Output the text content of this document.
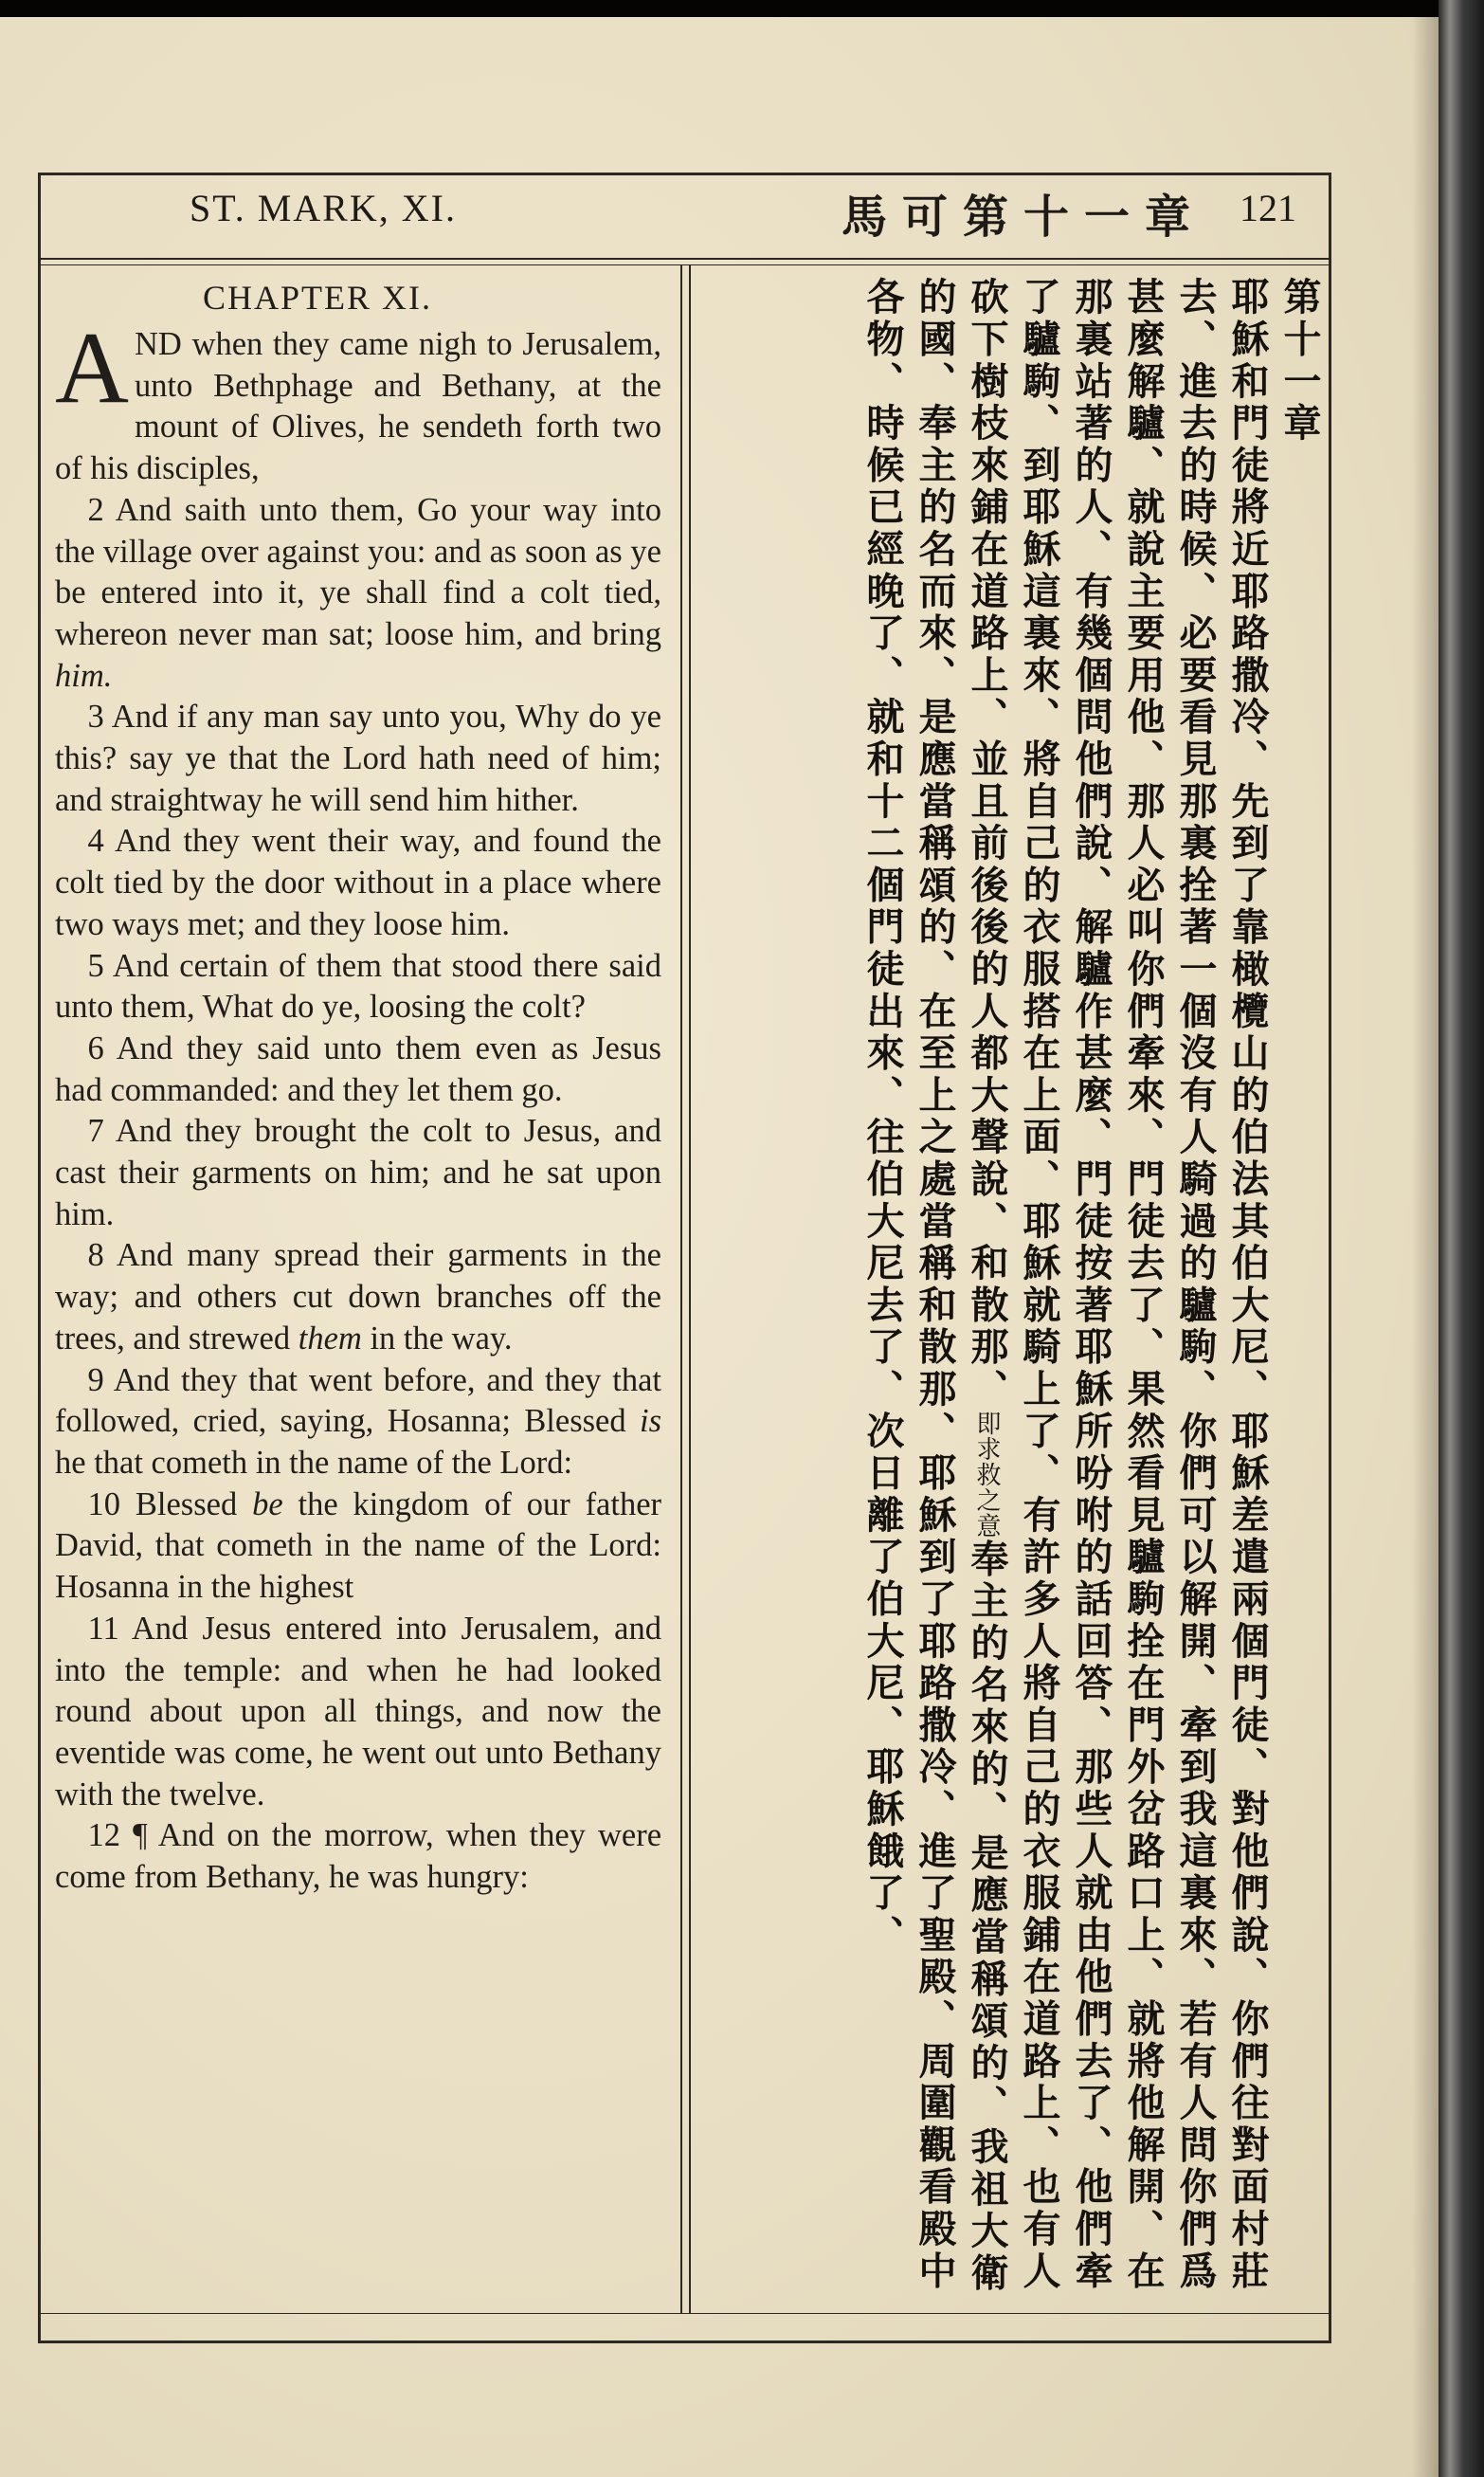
ST. MARK, XI.	馬可第十一章 121
CHAPTER XI.

AND when they came nigh to Jerusalem, unto Bethphage and Bethany, at the mount of Olives, he sendeth forth two of his disciples,

 2 And saith unto them, Go your way into the village over against you: and as soon as ye be entered into it, ye shall find a colt tied, whereon never man sat; loose him, and bring him.

 3 And if any man say unto you, Why do ye this? say ye that the Lord hath need of him; and straightway he will send him hither.

 4 And they went their way, and found the colt tied by the door without in a place where two ways met; and they loose him.

 5 And certain of them that stood there said unto them, What do ye, loosing the colt?

 6 And they said unto them even as Jesus had commanded: and they let them go.

 7 And they brought the colt to Jesus, and cast their garments on him; and he sat upon him.

 8 And many spread their garments in the way; and others cut down branches off the trees, and strewed them in the way.

 9 And they that went before, and they that followed, cried, saying, Hosanna; Blessed is he that cometh in the name of the Lord:

 10 Blessed be the kingdom of our father David, that cometh in the name of the Lord: Hosanna in the highest

 11 And Jesus entered into Jerusalem, and into the temple: and when he had looked round about upon all things, and now the eventide was come, he went out unto Bethany with the twelve.

 12 ¶ And on the morrow, when they were come from Bethany, he was hungry:

第十一章

耶穌和門徒將近耶路撒冷、先到了靠橄欖山的伯法其伯大尼、耶穌差遣兩個門徒、對他們說、你們往對面村莊去、進去的時候、必要看見那裏拴著一個沒有人騎過的驢駒、你們可以解開、牽到我這裏來、若有人問你們爲甚麼解驢、就說主要用他、那人必叫你們牽來、門徒去了、果然看見驢駒拴在門外岔路口上、就將他解開、在那裏站著的人、有幾個問他們說、解驢作甚麼、門徒按著耶穌所吩咐的話回答、那些人就由他們去了、他們牽了驢駒、到耶穌這裏來、將自己的衣服搭在上面、耶穌就騎上了、有許多人將自己的衣服鋪在道路上、也有人砍下樹枝來鋪在道路上、並且前後後的人都大聲說、和散那、即求救之意奉主的名來的、是應當稱頌的、我祖大衛的國、奉主的名而來、是應當稱頌的、在至上之處當稱和散那、耶穌到了耶路撒冷、進了聖殿、周圍觀看殿中各物、時候已經晚了、就和十二個門徒出來、往伯大尼去了、次日離了伯大尼、耶穌餓了、
